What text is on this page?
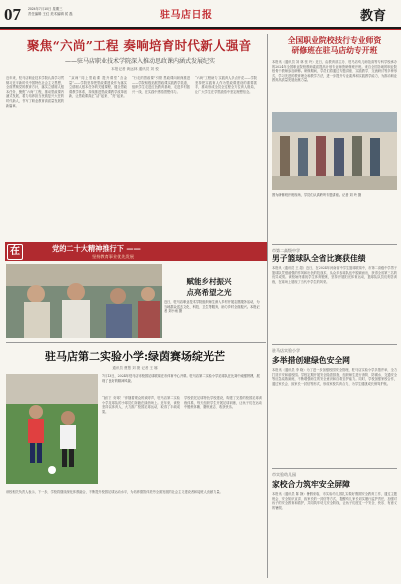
07 2024年7月10日 星期三
责任编辑 王红 美术编辑 侯 磊	驻马店日报	教育
聚焦“六尚”工程 奏响培育时代新人强音
——驻马店职业技术学院深入推动思政课内涵式发展纪实
本报记者 黄远林 通讯员 刘 悦
近年来，驻马店职业技术学院认真学习贯彻习近平新时代中国特色社会主义思想，全面贯彻党的教育方针，落实立德树人根本任务，聚焦“六尚”工程，推动思政课内涵式发展，着力培养担当民族复兴大任的时代新人，书写了职业教育高质量发展的新篇章。
“双师”同上思政课 提升课堂“含金量”——学院坚持把思政课建设作为落实立德树人根本任务的关键课程，健全思政课教学体系，持续推进思政课教学改革创新，让思政课真正“活”起来、“亮”起来。
“行走的思政课”引领 思政课向纵深推进——学院积极拓展思政课实践教学渠道，组织学生走进红色教育基地、走进乡村振兴一线，在实践中感悟思想伟力。
“六尚”工程助力 实践育人多点开花——学院坚持把实践育人作为思政课建设的重要抓手，推动形成全员全过程全方位育人格局，让广大学生在学思践悟中坚定理想信念。
在	党的二十大精神推行下 ——
坚持教育事业优先发展
赋能乡村振兴
点亮希望之光
近日，驻马店职业技术学院组织师生深入乡村开展志愿服务活动，为当地群众送去文化、科技、卫生等服务，助力乡村全面振兴。本报记者 刘小雨 摄
驻马店第二实验小学:绿茵赛场绽光芒
通讯员 曹慧 刘 捷 记者 王 娜
7月13日，2024年驻马店市校园足球联赛在市体育中心开幕。驻马店第二实验小学足球队在比赛中顽强拼搏，展现了良好的精神风貌。
“射门！好球！”伴随着观众的欢呼声，驻马店第二实验小学足球队的小球员们奔跑在绿茵场上。近年来，该校坚持以体育人，大力推广校园足球运动，取得了丰硕成果。
学校依托足球特色学校建设，构建了完善的校园足球训练体系，每天组织学生开展足球训练，让孩子们在运动中锻炼体魄、磨炼意志、收获快乐。
该校相关负责人表示，下一步，学校将继续深化体教融合，不断提升校园足球运动水平，为培养德智体美劳全面发展的社会主义建设者和接班人贡献力量。
全国职业院校技行专业师资
研修班在驻马店幼专开班
本报讯（通讯员 刘 林 张 玲）近日，由教育部主办、驻马店幼儿师范高等专科学校承办的2024年全国职业院校教师素质提高计划专业师资研修班开班。来自全国各地的职业院校骨干教师参加研修。研修期间，学员们将通过专题讲座、实践教学、交流研讨等多种形式，学习先进的教育理念和教学方法，进一步提升专业素养和实践教学能力，为推动职业教育高质量发展贡献力量。
图为研修班开班现场，学员们认真聆听专题讲座。记者 刘 玲 摄
市第二高级中学
男子篮球队全省比赛获佳绩
本报讯（通讯员 王 超）近日，在2024年河南省中学生篮球联赛中，市第二高级中学男子篮球队凭借顽强的作风和出色的技战术，从众多参赛队伍中脱颖而出，获得全省第三名的优异成绩。该校始终重视学生体育锻炼，坚持开展阳光体育运动，篮球队队员们刻苦训练，在赛场上展现了当代中学生的风采。
驻马店实验小学
多举措创建绿色安全网
本报讯（通讯员 李 晓）为了进一步加强校园安全管理，驻马店实验小学多措并举，全力打造平安和谐校园。学校定期开展安全隐患排查，组织师生进行消防、防溺水、交通安全等应急疏散演练，不断增强师生的安全意识和自救自护能力。同时，学校加强家校合作，通过家长会、致家长一封信等形式，形成家校共育合力，为学生健康成长保驾护航。
市实验幼儿园
家校合力筑牢安全屏障
本报讯（通讯员 陈 静）暑假来临，市实验幼儿园扎实做好假期安全教育工作，通过主题班会、安全知识宣讲、致家长的一封信等方式，提醒幼儿家长切实履行监护责任，加强对孩子的安全教育和看护，共同筑牢幼儿安全防线，让孩子们度过一个安全、快乐、有意义的暑假。
